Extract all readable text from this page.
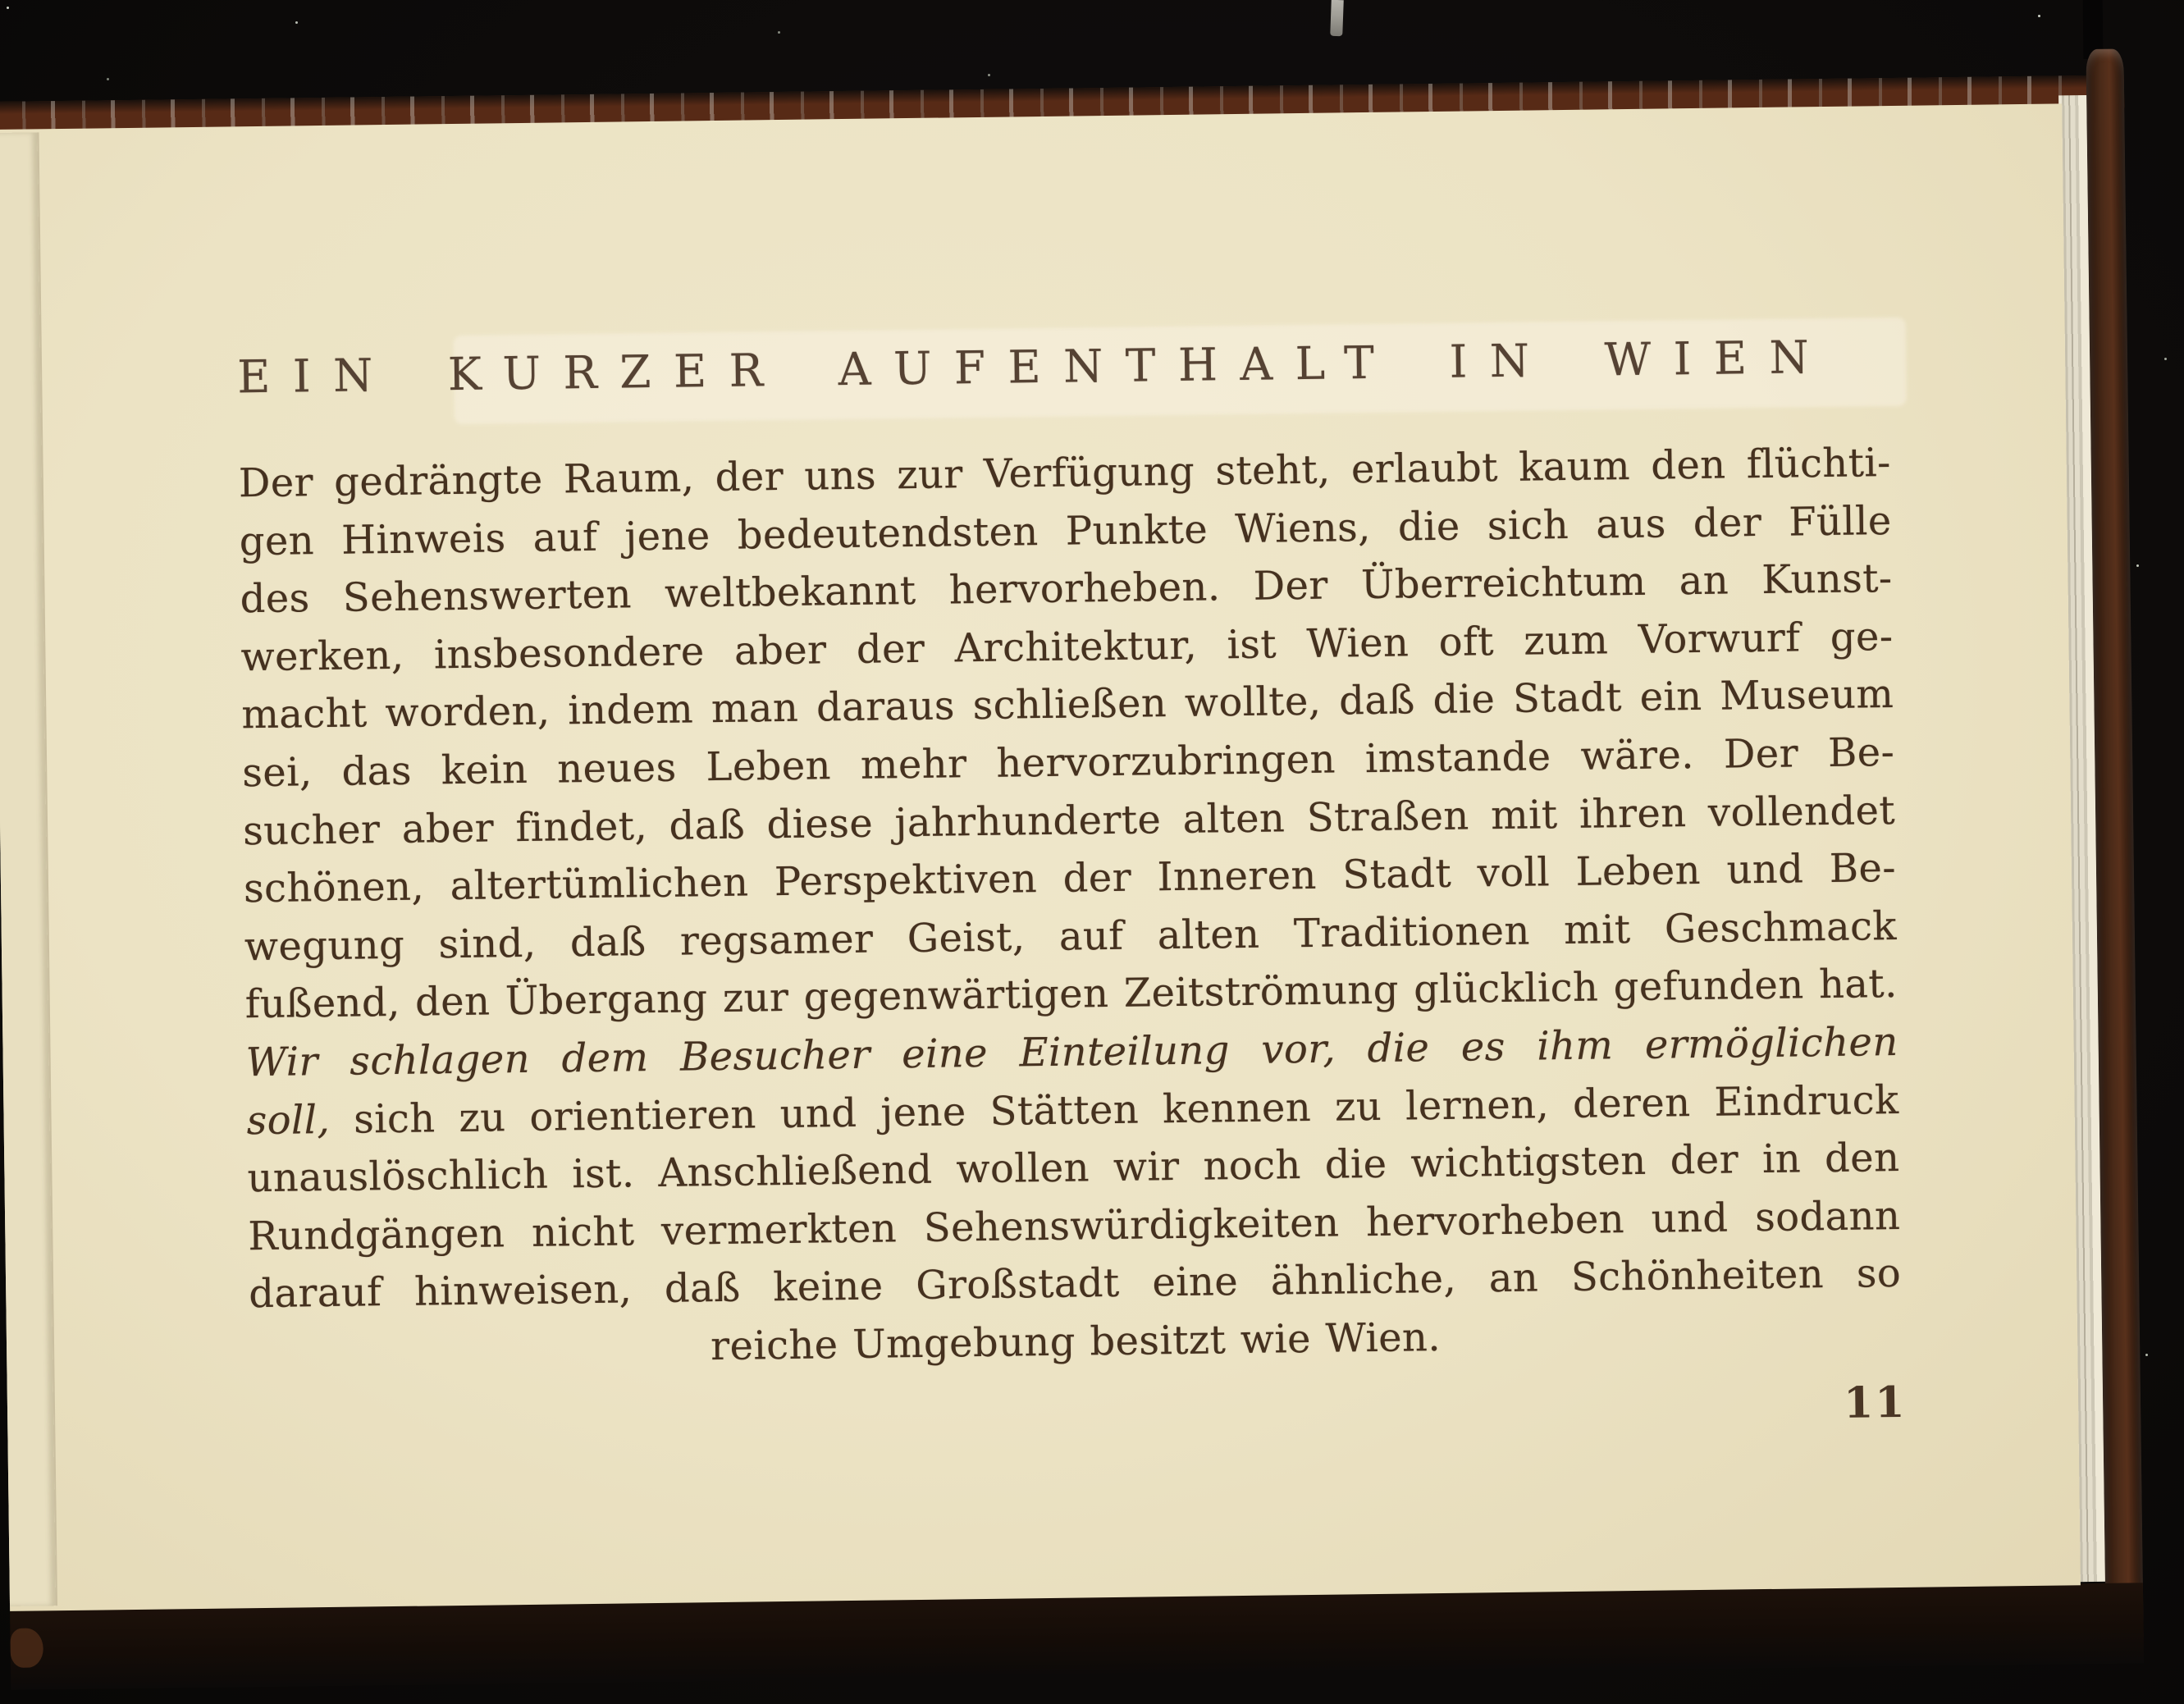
EIN KURZER AUFENTHALT IN WIEN
Der gedrängte Raum, der uns zur Verfügung steht, erlaubt kaum den flüchti-
gen Hinweis auf jene bedeutendsten Punkte Wiens, die sich aus der Fülle
des Sehenswerten weltbekannt hervorheben. Der Überreichtum an Kunst-
werken, insbesondere aber der Architektur, ist Wien oft zum Vorwurf ge-
macht worden, indem man daraus schließen wollte, daß die Stadt ein Museum
sei, das kein neues Leben mehr hervorzubringen imstande wäre. Der Be-
sucher aber findet, daß diese jahrhunderte alten Straßen mit ihren vollendet
schönen, altertümlichen Perspektiven der Inneren Stadt voll Leben und Be-
wegung sind, daß regsamer Geist, auf alten Traditionen mit Geschmack
fußend, den Übergang zur gegenwärtigen Zeitströmung glücklich gefunden hat.
Wir schlagen dem Besucher eine Einteilung vor, die es ihm ermöglichen
soll, sich zu orientieren und jene Stätten kennen zu lernen, deren Eindruck
unauslöschlich ist. Anschließend wollen wir noch die wichtigsten der in den
Rundgängen nicht vermerkten Sehenswürdigkeiten hervorheben und sodann
darauf hinweisen, daß keine Großstadt eine ähnliche, an Schönheiten so
reiche Umgebung besitzt wie Wien.
11
